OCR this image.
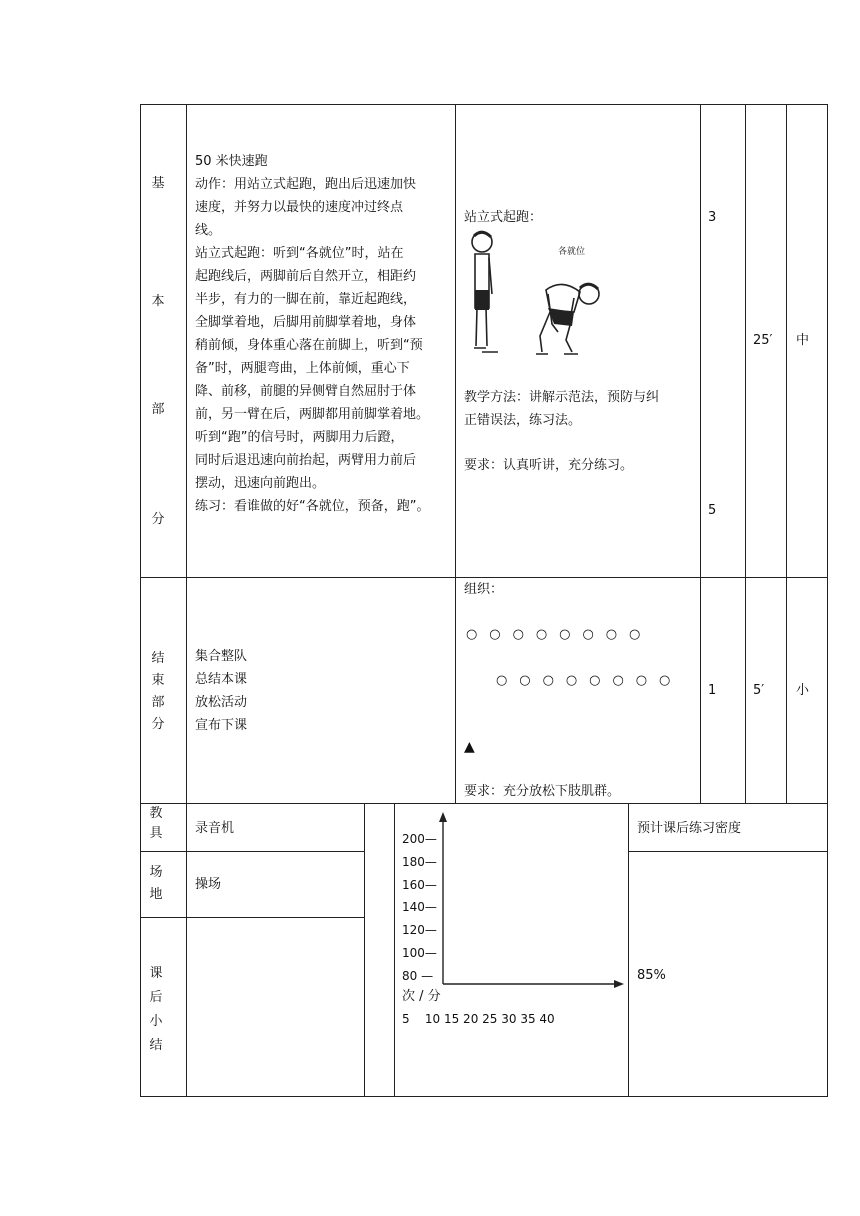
基
本
部
分
50 米快速跑
动作：用站立式起跑，跑出后迅速加快
速度，并努力以最快的速度冲过终点
线。
站立式起跑：听到“各就位”时，站在
起跑线后，两脚前后自然开立，相距约
半步，有力的一脚在前，靠近起跑线，
全脚掌着地，后脚用前脚掌着地，身体
稍前倾，身体重心落在前脚上，听到“预
备”时，两腿弯曲，上体前倾，重心下
降、前移，前腿的异侧臂自然屈肘于体
前，另一臂在后，两脚都用前脚掌着地。
听到“跑”的信号时，两脚用力后蹬，
同时后退迅速向前抬起，两臂用力前后
摆动，迅速向前跑出。
练习：看谁做的好“各就位，预备，跑”。
站立式起跑：
各就位
教学方法：讲解示范法，预防与纠
正错误法，练习法。
要求：认真听讲，充分练习。
3
5
25′ 中
结
束
部
分
集合整队
总结本课
放松活动
宣布下课
组织：
○ ○ ○ ○ ○ ○ ○ ○
○ ○ ○ ○ ○ ○ ○ ○
▲
要求：充分放松下肢肌群。
1	5′ 小
教
具	录音机
场
地
操场
课
后
小
结
200—
180—
160—
140—
120—
100—
80 —
次 / 分
5    10 15 20 25 30 35 40
预计课后练习密度
85%
